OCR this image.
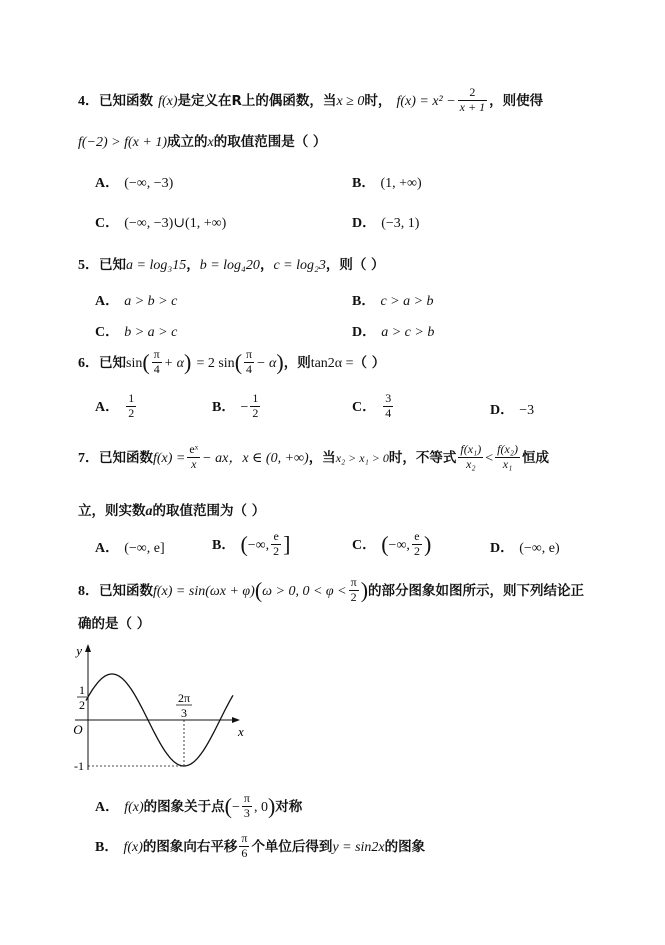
4．已知函数 f(x)是定义在R上的偶函数，当x ≥ 0时， $f(x) = x^2 - \frac{2}{x + 1}$ ，则使得
f(−2) > f(x + 1)成立的x的取值范围是（ ）
A． (−∞, −3)	B． (1, +∞)
C． (−∞, −3)∪(1, +∞)	D． (−3, 1)
5．已知a = log₃15，b = log₄20，c = log₂3，则（ ）
A． a > b > c	B． c > a > b
C． b > a > c	D． a > c > b
6．已知$\sin( \frac{\pi}{4} + \alpha) = 2$ $\sin( \frac{\pi}{4} - \alpha)$，则tan2α =（ ）
A． $\frac{1}{2}$	B． − $\frac{1}{2}$	C． $\frac{3}{4}$	D． −3
7．已知函数$f(x) = \frac{\text{eˣ}}{x}$ − ax，x ∈ (0, +∞)，当x₂ > x₁ > 0时，不等式 $\frac{\text{f(x₁)}}{\text{x₂}} < \frac{\text{f(x₂)}}{\text{x₁}}$ 恒成
立，则实数a的取值范围为（ ）
A． (−∞, e]	B． (−∞, $\frac{e}{2}$ ]	C． (−∞, $\frac{e}{2}$ )	D． (−∞, e)
8．已知函数f(x) = sin(ωx + φ)(ω > 0, $0 < \varphi < \frac{\pi}{2}$ )的部分图象如图所示，则下列结论正
确的是（ ）
y
x
O
1
2	2π
3
-1
A． f(x)的图象关于点(− $\frac{\pi}{3}$ , 0)对称
B． f(x)的图象向右平移 $\frac{\pi}{6}$ 个单位后得到y = sin2x的图象
